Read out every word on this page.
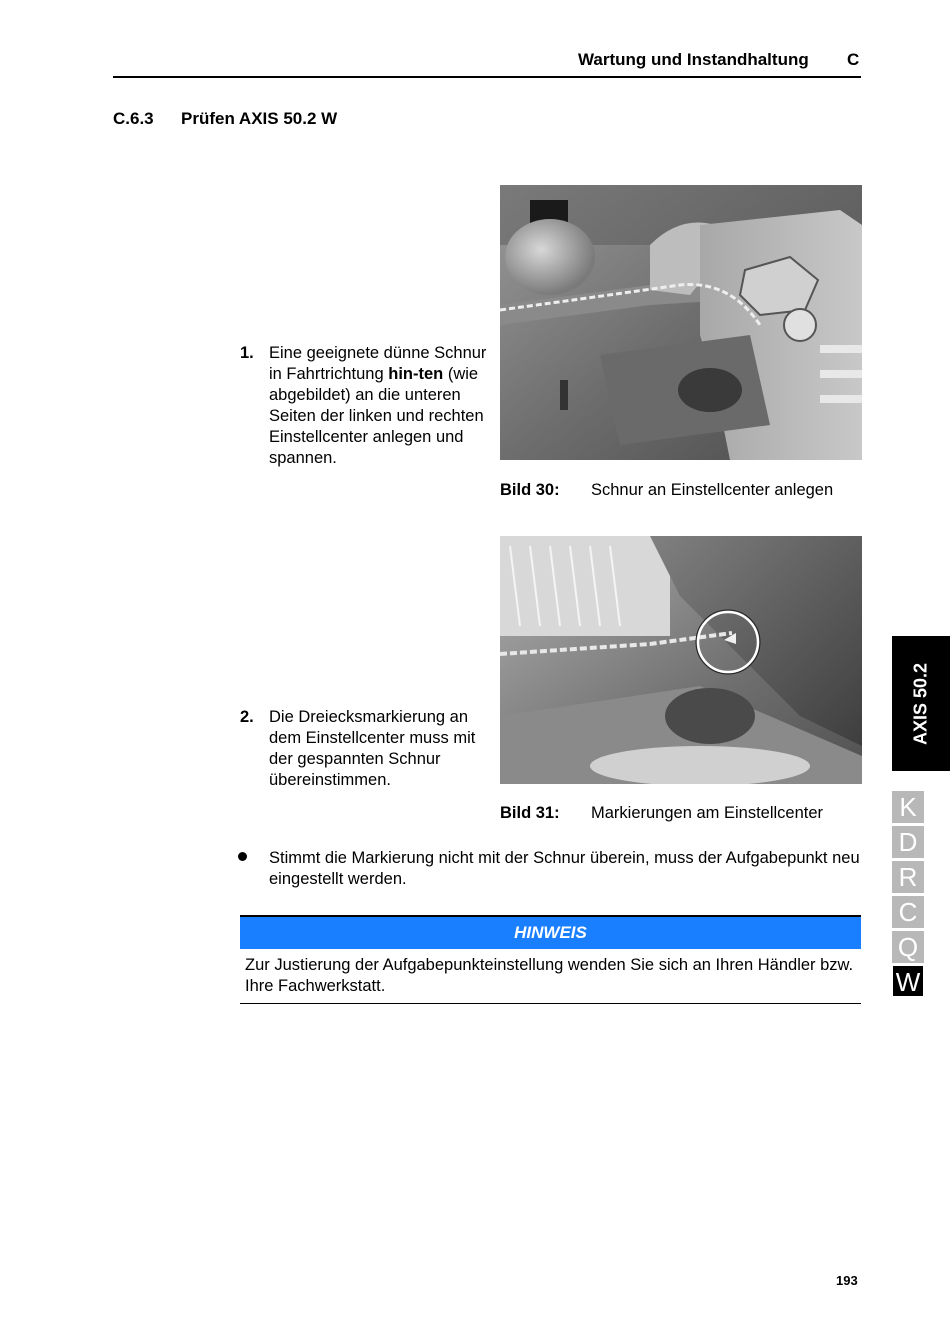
Wartung und Instandhaltung C
C.6.3 Prüfen AXIS 50.2 W
1. Eine geeignete dünne Schnur in Fahrtrichtung hin-ten (wie abgebildet) an die unteren Seiten der linken und rechten Einstellcenter anlegen und spannen.
Bild 30: Schnur an Einstellcenter anlegen
2. Die Dreiecksmarkierung an dem Einstellcenter muss mit der gespannten Schnur übereinstimmen.
Bild 31: Markierungen am Einstellcenter
Stimmt die Markierung nicht mit der Schnur überein, muss der Aufgabepunkt neu eingestellt werden.
HINWEIS
Zur Justierung der Aufgabepunkteinstellung wenden Sie sich an Ihren Händler bzw. Ihre Fachwerkstatt.
AXIS 50.2
K
D
R
C
Q
W
193
